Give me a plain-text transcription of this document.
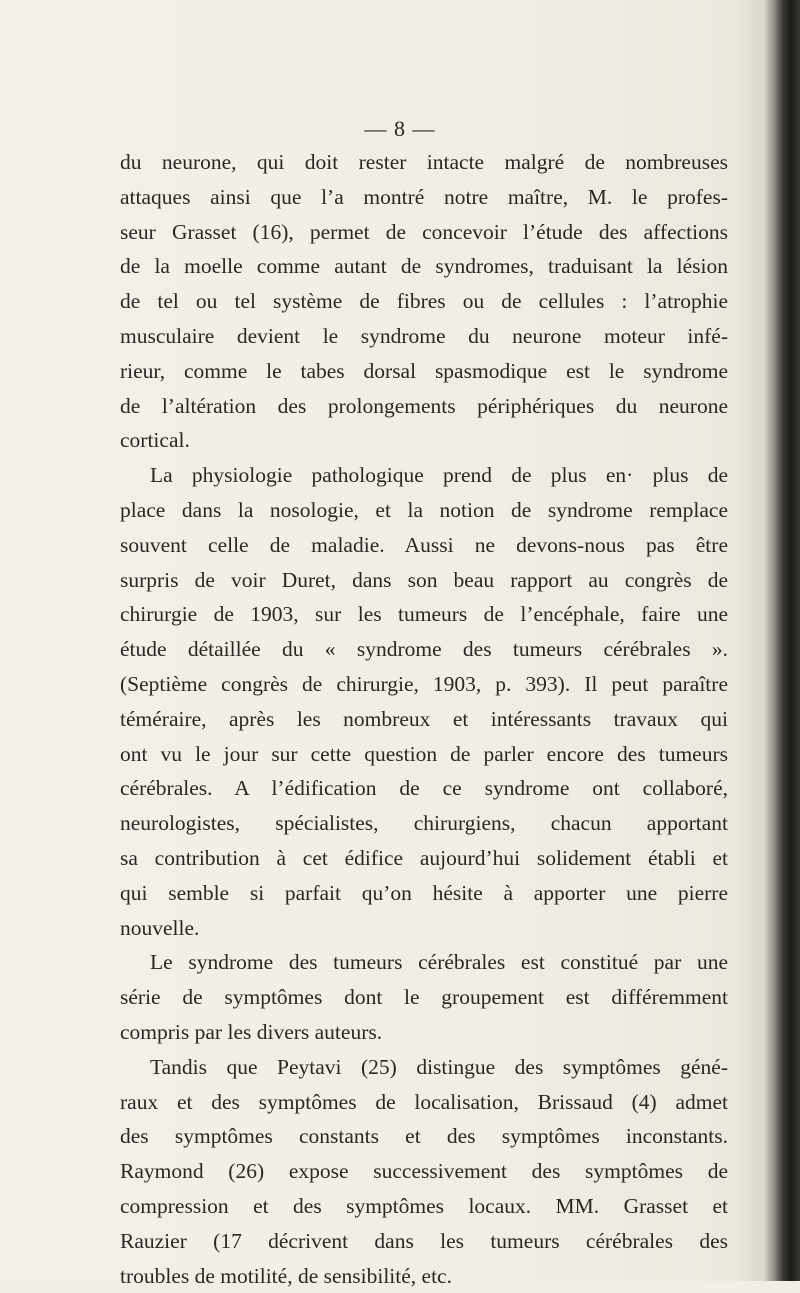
— 8 —

du neurone, qui doit rester intacte malgré de nombreuses
attaques ainsi que l’a montré notre maître, M. le profes-
seur Grasset (16), permet de concevoir l’étude des affections
de la moelle comme autant de syndromes, traduisant la lésion
de tel ou tel système de fibres ou de cellules : l’atrophie
musculaire devient le syndrome du neurone moteur infé-
rieur, comme le tabes dorsal spasmodique est le syndrome
de l’altération des prolongements périphériques du neurone
cortical.

La physiologie pathologique prend de plus en· plus de
place dans la nosologie, et la notion de syndrome remplace
souvent celle de maladie. Aussi ne devons-nous pas être
surpris de voir Duret, dans son beau rapport au congrès de
chirurgie de 1903, sur les tumeurs de l’encéphale, faire une
étude détaillée du « syndrome des tumeurs cérébrales ».
(Septième congrès de chirurgie, 1903, p. 393). Il peut paraître
téméraire, après les nombreux et intéressants travaux qui
ont vu le jour sur cette question de parler encore des tumeurs
cérébrales. A l’édification de ce syndrome ont collaboré,
neurologistes, spécialistes, chirurgiens, chacun apportant
sa contribution à cet édifice aujourd’hui solidement établi et
qui semble si parfait qu’on hésite à apporter une pierre
nouvelle.

Le syndrome des tumeurs cérébrales est constitué par une
série de symptômes dont le groupement est différemment
compris par les divers auteurs.

Tandis que Peytavi (25) distingue des symptômes géné-
raux et des symptômes de localisation, Brissaud (4) admet
des symptômes constants et des symptômes inconstants.
Raymond (26) expose successivement des symptômes de
compression et des symptômes locaux. MM. Grasset et
Rauzier (17 décrivent dans les tumeurs cérébrales des
troubles de motilité, de sensibilité, etc.
